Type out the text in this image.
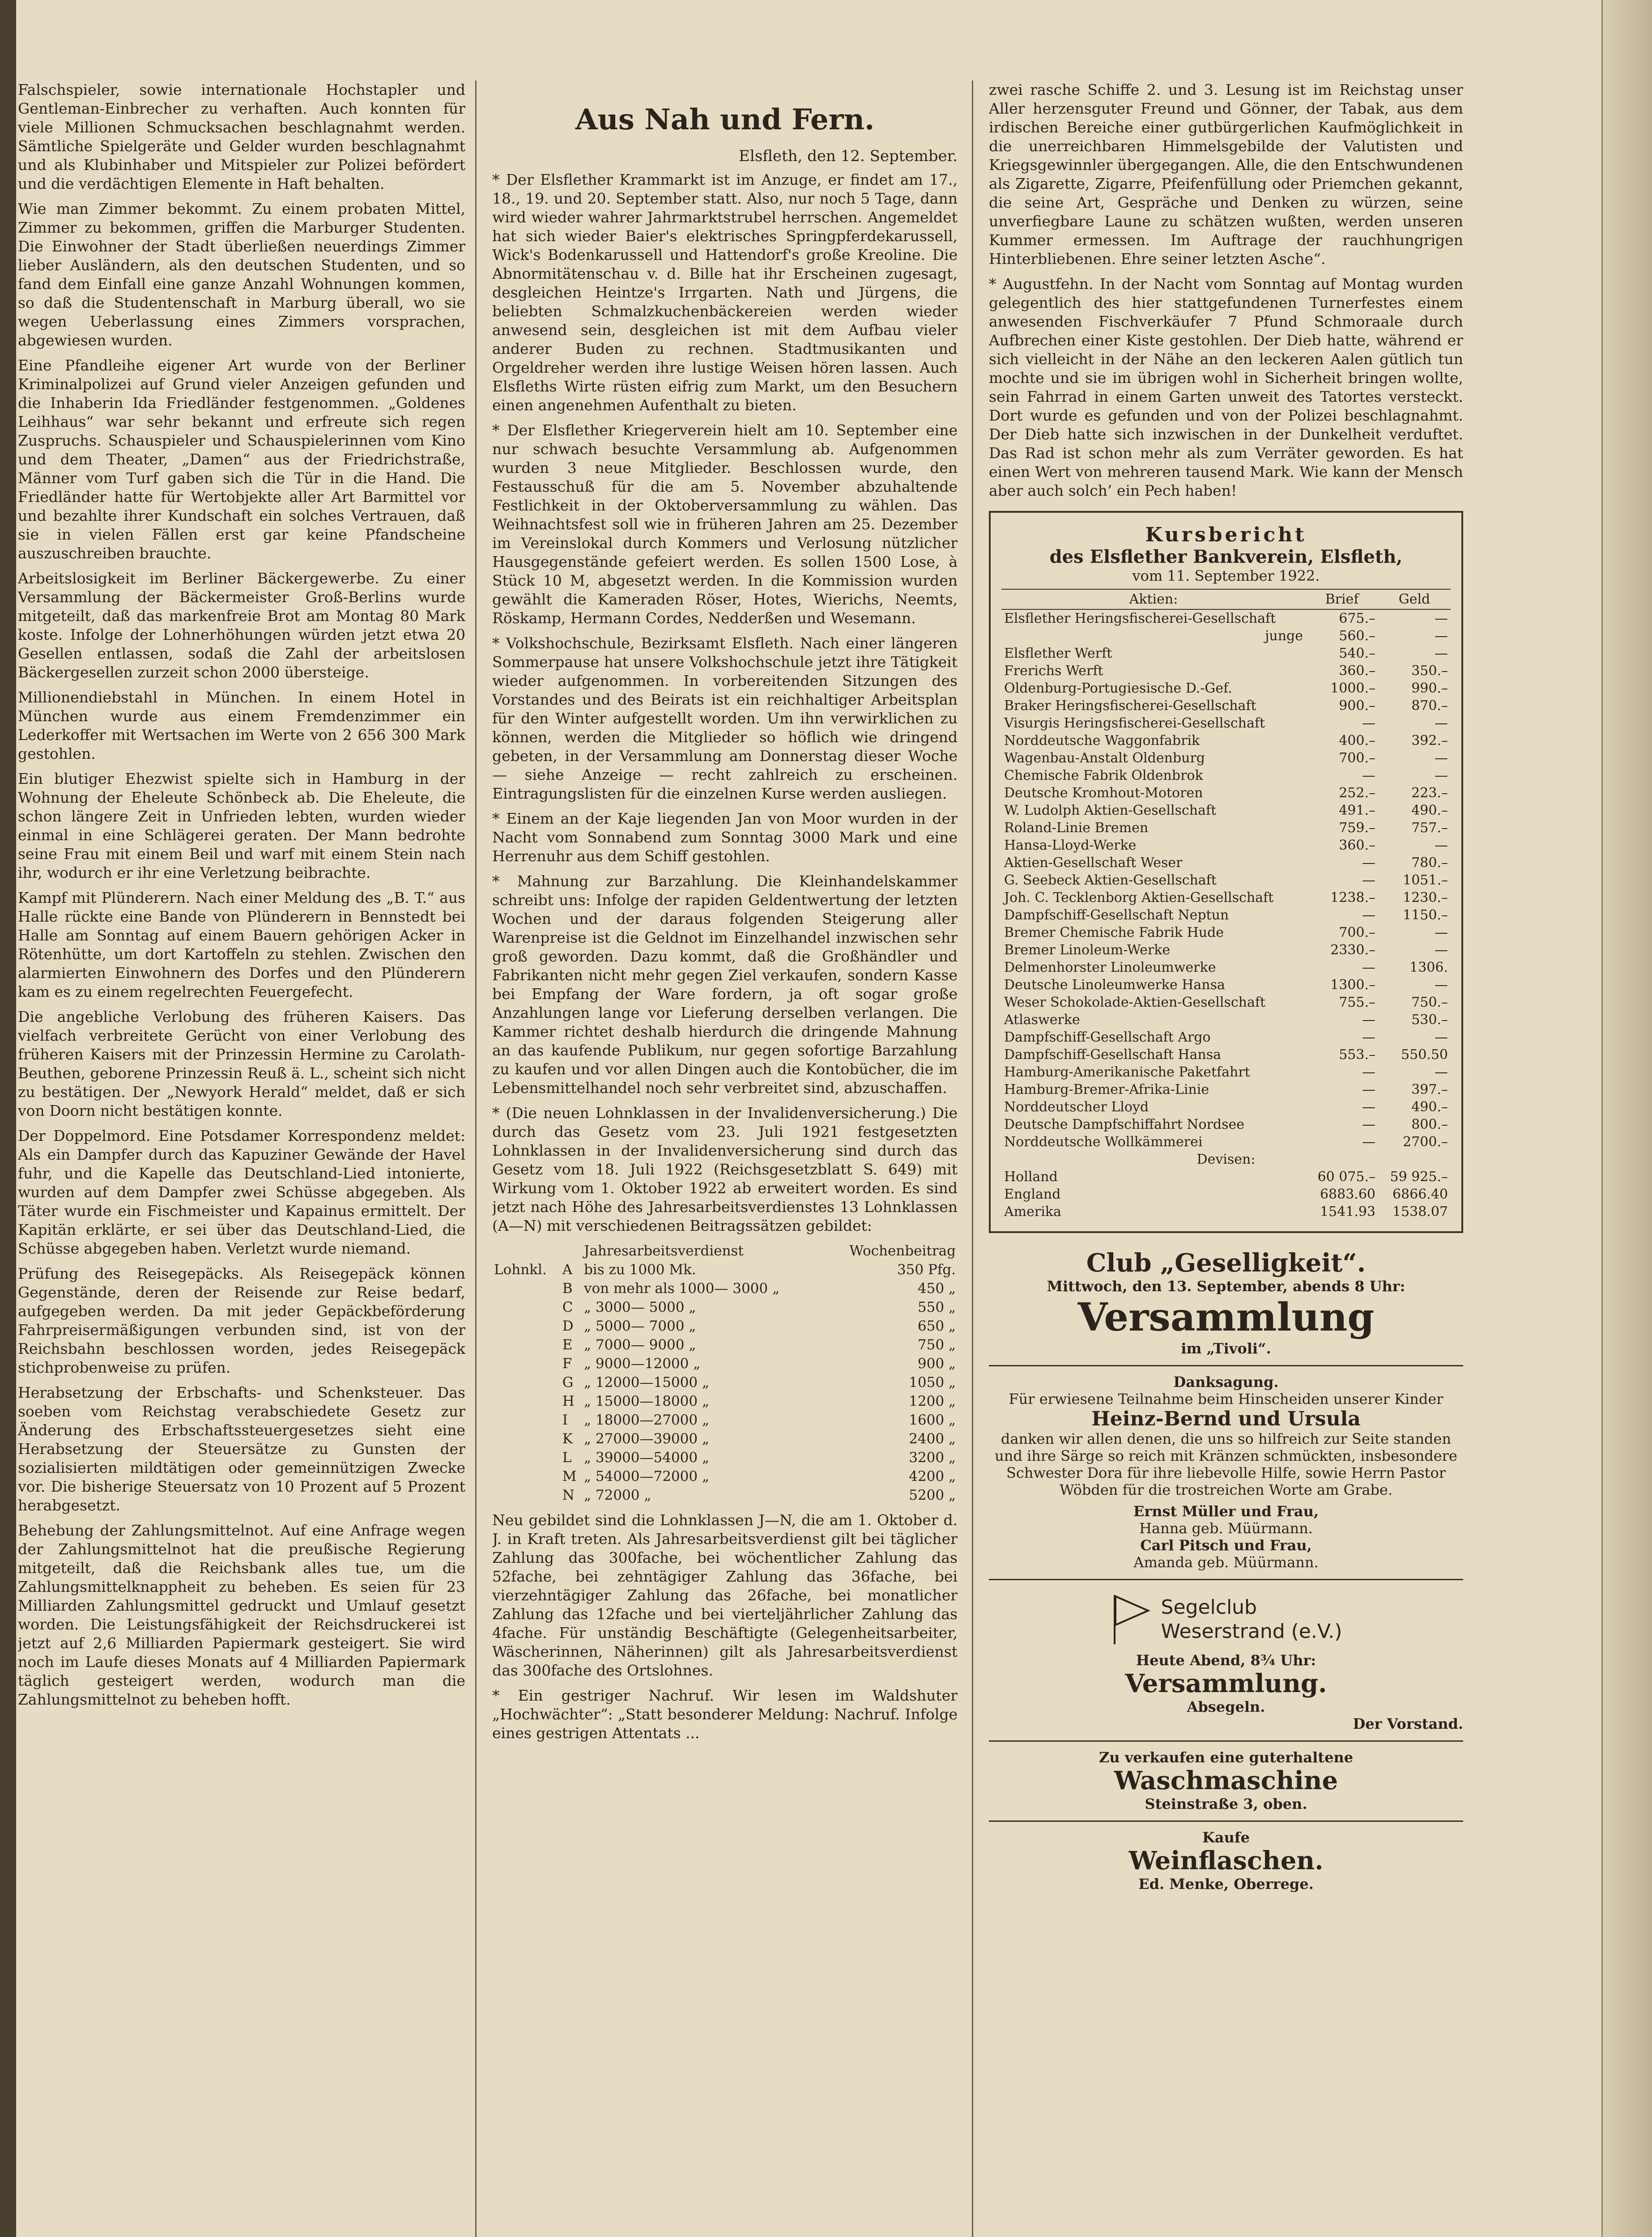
Falschspieler, sowie internationale Hochstapler und Gentleman-Einbrecher zu verhaften. Auch konnten für viele Millionen Schmucksachen beschlagnahmt werden. Sämtliche Spielgeräte und Gelder wurden beschlagnahmt und als Klubinhaber und Mitspieler zur Polizei befördert und die verdächtigen Elemente in Haft behalten.

Wie man Zimmer bekommt. Zu einem probaten Mittel, Zimmer zu bekommen, griffen die Marburger Studenten. Die Einwohner der Stadt überließen neuerdings Zimmer lieber Ausländern, als den deutschen Studenten, und so fand dem Einfall eine ganze Anzahl Wohnungen kommen, so daß die Studentenschaft in Marburg überall, wo sie wegen Ueberlassung eines Zimmers vorsprachen, abgewiesen wurden.

Eine Pfandleihe eigener Art wurde von der Berliner Kriminalpolizei auf Grund vieler Anzeigen gefunden und die Inhaberin Ida Friedländer festgenommen. „Goldenes Leihhaus“ war sehr bekannt und erfreute sich regen Zuspruchs. Schauspieler und Schauspielerinnen vom Kino und dem Theater, „Damen“ aus der Friedrichstraße, Männer vom Turf gaben sich die Tür in die Hand. Die Friedländer hatte für Wertobjekte aller Art Barmittel vor und bezahlte ihrer Kundschaft ein solches Vertrauen, daß sie in vielen Fällen erst gar keine Pfandscheine auszuschreiben brauchte.

Arbeitslosigkeit im Berliner Bäckergewerbe. Zu einer Versammlung der Bäckermeister Groß-Berlins wurde mitgeteilt, daß das markenfreie Brot am Montag 80 Mark koste. Infolge der Lohnerhöhungen würden jetzt etwa 20 Gesellen entlassen, sodaß die Zahl der arbeitslosen Bäckergesellen zurzeit schon 2000 übersteige.

Millionendiebstahl in München. In einem Hotel in München wurde aus einem Fremdenzimmer ein Lederkoffer mit Wertsachen im Werte von 2 656 300 Mark gestohlen.

Ein blutiger Ehezwist spielte sich in Hamburg in der Wohnung der Eheleute Schönbeck ab. Die Eheleute, die schon längere Zeit in Unfrieden lebten, wurden wieder einmal in eine Schlägerei geraten. Der Mann bedrohte seine Frau mit einem Beil und warf mit einem Stein nach ihr, wodurch er ihr eine Verletzung beibrachte.

Kampf mit Plünderern. Nach einer Meldung des „B. T.“ aus Halle rückte eine Bande von Plünderern in Bennstedt bei Halle am Sonntag auf einem Bauern gehörigen Acker in Rötenhütte, um dort Kartoffeln zu stehlen. Zwischen den alarmierten Einwohnern des Dorfes und den Plünderern kam es zu einem regelrechten Feuergefecht.

Die angebliche Verlobung des früheren Kaisers. Das vielfach verbreitete Gerücht von einer Verlobung des früheren Kaisers mit der Prinzessin Hermine zu Carolath-Beuthen, geborene Prinzessin Reuß ä. L., scheint sich nicht zu bestätigen. Der „Newyork Herald“ meldet, daß er sich von Doorn nicht bestätigen konnte.

Der Doppelmord. Eine Potsdamer Korrespondenz meldet: Als ein Dampfer durch das Kapuziner Gewände der Havel fuhr, und die Kapelle das Deutschland-Lied intonierte, wurden auf dem Dampfer zwei Schüsse abgegeben. Als Täter wurde ein Fischmeister und Kapainus ermittelt. Der Kapitän erklärte, er sei über das Deutschland-Lied, die Schüsse abgegeben haben. Verletzt wurde niemand.

Prüfung des Reisegepäcks. Als Reisegepäck können Gegenstände, deren der Reisende zur Reise bedarf, aufgegeben werden. Da mit jeder Gepäckbeförderung Fahrpreisermäßigungen verbunden sind, ist von der Reichsbahn beschlossen worden, jedes Reisegepäck stichprobenweise zu prüfen.

Herabsetzung der Erbschafts- und Schenksteuer. Das soeben vom Reichstag verabschiedete Gesetz zur Änderung des Erbschaftssteuergesetzes sieht eine Herabsetzung der Steuersätze zu Gunsten der sozialisierten mildtätigen oder gemeinnützigen Zwecke vor. Die bisherige Steuersatz von 10 Prozent auf 5 Prozent herabgesetzt.

Behebung der Zahlungsmittelnot. Auf eine Anfrage wegen der Zahlungsmittelnot hat die preußische Regierung mitgeteilt, daß die Reichsbank alles tue, um die Zahlungsmittelknappheit zu beheben. Es seien für 23 Milliarden Zahlungsmittel gedruckt und Umlauf gesetzt worden. Die Leistungsfähigkeit der Reichsdruckerei ist jetzt auf 2,6 Milliarden Papiermark gesteigert. Sie wird noch im Laufe dieses Monats auf 4 Milliarden Papiermark täglich gesteigert werden, wodurch man die Zahlungsmittelnot zu beheben hofft.

Aus Nah und Fern.
Elsfleth, den 12. September.

* Der Elsflether Krammarkt ist im Anzuge, er findet am 17., 18., 19. und 20. September statt. Also, nur noch 5 Tage, dann wird wieder wahrer Jahrmarktstrubel herrschen. Angemeldet hat sich wieder Baier's elektrisches Springpferdekarussell, Wick's Bodenkarussell und Hattendorf's große Kreoline. Die Abnormitätenschau v. d. Bille hat ihr Erscheinen zugesagt, desgleichen Heintze's Irrgarten. Nath und Jürgens, die beliebten Schmalzkuchenbäckereien werden wieder anwesend sein, desgleichen ist mit dem Aufbau vieler anderer Buden zu rechnen. Stadtmusikanten und Orgeldreher werden ihre lustige Weisen hören lassen. Auch Elsfleths Wirte rüsten eifrig zum Markt, um den Besuchern einen angenehmen Aufenthalt zu bieten.

* Der Elsflether Kriegerverein hielt am 10. September eine nur schwach besuchte Versammlung ab. Aufgenommen wurden 3 neue Mitglieder. Beschlossen wurde, den Festausschuß für die am 5. November abzuhaltende Festlichkeit in der Oktoberversammlung zu wählen. Das Weihnachtsfest soll wie in früheren Jahren am 25. Dezember im Vereinslokal durch Kommers und Verlosung nützlicher Hausgegenstände gefeiert werden. Es sollen 1500 Lose, à Stück 10 M, abgesetzt werden. In die Kommission wurden gewählt die Kameraden Röser, Hotes, Wierichs, Neemts, Röskamp, Hermann Cordes, Nedderßen und Wesemann.

* Volkshochschule, Bezirksamt Elsfleth. Nach einer längeren Sommerpause hat unsere Volkshochschule jetzt ihre Tätigkeit wieder aufgenommen. In vorbereitenden Sitzungen des Vorstandes und des Beirats ist ein reichhaltiger Arbeitsplan für den Winter aufgestellt worden. Um ihn verwirklichen zu können, werden die Mitglieder so höflich wie dringend gebeten, in der Versammlung am Donnerstag dieser Woche — siehe Anzeige — recht zahlreich zu erscheinen. Eintragungslisten für die einzelnen Kurse werden ausliegen.

* Einem an der Kaje liegenden Jan von Moor wurden in der Nacht vom Sonnabend zum Sonntag 3000 Mark und eine Herrenuhr aus dem Schiff gestohlen.

* Mahnung zur Barzahlung. Die Kleinhandelskammer schreibt uns: Infolge der rapiden Geldentwertung der letzten Wochen und der daraus folgenden Steigerung aller Warenpreise ist die Geldnot im Einzelhandel inzwischen sehr groß geworden. Dazu kommt, daß die Großhändler und Fabrikanten nicht mehr gegen Ziel verkaufen, sondern Kasse bei Empfang der Ware fordern, ja oft sogar große Anzahlungen lange vor Lieferung derselben verlangen. Die Kammer richtet deshalb hierdurch die dringende Mahnung an das kaufende Publikum, nur gegen sofortige Barzahlung zu kaufen und vor allen Dingen auch die Kontobücher, die im Lebensmittelhandel noch sehr verbreitet sind, abzuschaffen.

* (Die neuen Lohnklassen in der Invalidenversicherung.) Die durch das Gesetz vom 23. Juli 1921 festgesetzten Lohnklassen in der Invalidenversicherung sind durch das Gesetz vom 18. Juli 1922 (Reichsgesetzblatt S. 649) mit Wirkung vom 1. Oktober 1922 ab erweitert worden. Es sind jetzt nach Höhe des Jahresarbeitsverdienstes 13 Lohnklassen (A—N) mit verschiedenen Beitragssätzen gebildet:

		Jahresarbeitsverdienst	Wochenbeitrag
Lohnkl.	A	bis zu 1000 Mk.	350 Pfg.
	B	von mehr als 1000— 3000 „	450 „
	C	„ 3000— 5000 „	550 „
	D	„ 5000— 7000 „	650 „
	E	„ 7000— 9000 „	750 „
	F	„ 9000—12000 „	900 „
	G	„ 12000—15000 „	1050 „
	H	„ 15000—18000 „	1200 „
	I	„ 18000—27000 „	1600 „
	K	„ 27000—39000 „	2400 „
	L	„ 39000—54000 „	3200 „
	M	„ 54000—72000 „	4200 „
	N	„ 72000 „	5200 „

Neu gebildet sind die Lohnklassen J—N, die am 1. Oktober d. J. in Kraft treten. Als Jahresarbeitsverdienst gilt bei täglicher Zahlung das 300fache, bei wöchentlicher Zahlung das 52fache, bei zehntägiger Zahlung das 36fache, bei vierzehntägiger Zahlung das 26fache, bei monatlicher Zahlung das 12fache und bei vierteljährlicher Zahlung das 4fache. Für unständig Beschäftigte (Gelegenheitsarbeiter, Wäscherinnen, Näherinnen) gilt als Jahresarbeitsverdienst das 300fache des Ortslohnes.

* Ein gestriger Nachruf. Wir lesen im Waldshuter „Hochwächter“: „Statt besonderer Meldung: Nachruf. Infolge eines gestrigen Attentats ...

zwei rasche Schiffe 2. und 3. Lesung ist im Reichstag unser Aller herzensguter Freund und Gönner, der Tabak, aus dem irdischen Bereiche einer gutbürgerlichen Kaufmöglichkeit in die unerreichbaren Himmelsgebilde der Valutisten und Kriegsgewinnler übergegangen. Alle, die den Entschwundenen als Zigarette, Zigarre, Pfeifenfüllung oder Priemchen gekannt, die seine Art, Gespräche und Denken zu würzen, seine unverfiegbare Laune zu schätzen wußten, werden unseren Kummer ermessen. Im Auftrage der rauchhungrigen Hinterbliebenen. Ehre seiner letzten Asche“.

* Augustfehn. In der Nacht vom Sonntag auf Montag wurden gelegentlich des hier stattgefundenen Turnerfestes einem anwesenden Fischverkäufer 7 Pfund Schmoraale durch Aufbrechen einer Kiste gestohlen. Der Dieb hatte, während er sich vielleicht in der Nähe an den leckeren Aalen gütlich tun mochte und sie im übrigen wohl in Sicherheit bringen wollte, sein Fahrrad in einem Garten unweit des Tatortes versteckt. Dort wurde es gefunden und von der Polizei beschlagnahmt. Der Dieb hatte sich inzwischen in der Dunkelheit verduftet. Das Rad ist schon mehr als zum Verräter geworden. Es hat einen Wert von mehreren tausend Mark. Wie kann der Mensch aber auch solch’ ein Pech haben!

Kursbericht
des Elsflether Bankverein, Elsfleth,
vom 11. September 1922.
Aktien:	Brief	Geld
Elsflether Heringsfischerei-Gesellschaft	675.–	—
junge	560.–	—
Elsflether Werft	540.–	—
Frerichs Werft	360.–	350.–
Oldenburg-Portugiesische D.-Gef.	1000.–	990.–
Braker Heringsfischerei-Gesellschaft	900.–	870.–
Visurgis Heringsfischerei-Gesellschaft	—	—
Norddeutsche Waggonfabrik	400.–	392.–
Wagenbau-Anstalt Oldenburg	700.–	—
Chemische Fabrik Oldenbrok	—	—
Deutsche Kromhout-Motoren	252.–	223.–
W. Ludolph Aktien-Gesellschaft	491.–	490.–
Roland-Linie Bremen	759.–	757.–
Hansa-Lloyd-Werke	360.–	—
Aktien-Gesellschaft Weser	—	780.–
G. Seebeck Aktien-Gesellschaft	—	1051.–
Joh. C. Tecklenborg Aktien-Gesellschaft	1238.–	1230.–
Dampfschiff-Gesellschaft Neptun	—	1150.–
Bremer Chemische Fabrik Hude	700.–	—
Bremer Linoleum-Werke	2330.–	—
Delmenhorster Linoleumwerke	—	1306.
Deutsche Linoleumwerke Hansa	1300.–	—
Weser Schokolade-Aktien-Gesellschaft	755.–	750.–
Atlaswerke	—	530.–
Dampfschiff-Gesellschaft Argo	—	—
Dampfschiff-Gesellschaft Hansa	553.–	550.50
Hamburg-Amerikanische Paketfahrt	—	—
Hamburg-Bremer-Afrika-Linie	—	397.–
Norddeutscher Lloyd	—	490.–
Deutsche Dampfschiffahrt Nordsee	—	800.–
Norddeutsche Wollkämmerei	—	2700.–
Devisen:		
Holland	60 075.–	59 925.–
England	6883.60	6866.40
Amerika	1541.93	1538.07
Club „Geselligkeit“.
Mittwoch, den 13. September, abends 8 Uhr:
Versammlung
im „Tivoli“.
Danksagung.
Für erwiesene Teilnahme beim Hinscheiden unserer Kinder
Heinz-Bernd und Ursula
danken wir allen denen, die uns so hilfreich zur Seite standen und ihre Särge so reich mit Kränzen schmückten, insbesondere Schwester Dora für ihre liebevolle Hilfe, sowie Herrn Pastor Wöbden für die trostreichen Worte am Grabe.
Ernst Müller und Frau,
Hanna geb. Müürmann.
Carl Pitsch und Frau,
Amanda geb. Müürmann.
Segelclub
Weserstrand (e.V.)
Heute Abend, 8¾ Uhr:
Versammlung.
Absegeln.
Der Vorstand.
Zu verkaufen eine guterhaltene
Waschmaschine
Steinstraße 3, oben.
Kaufe
Weinflaschen.
Ed. Menke, Oberrege.
